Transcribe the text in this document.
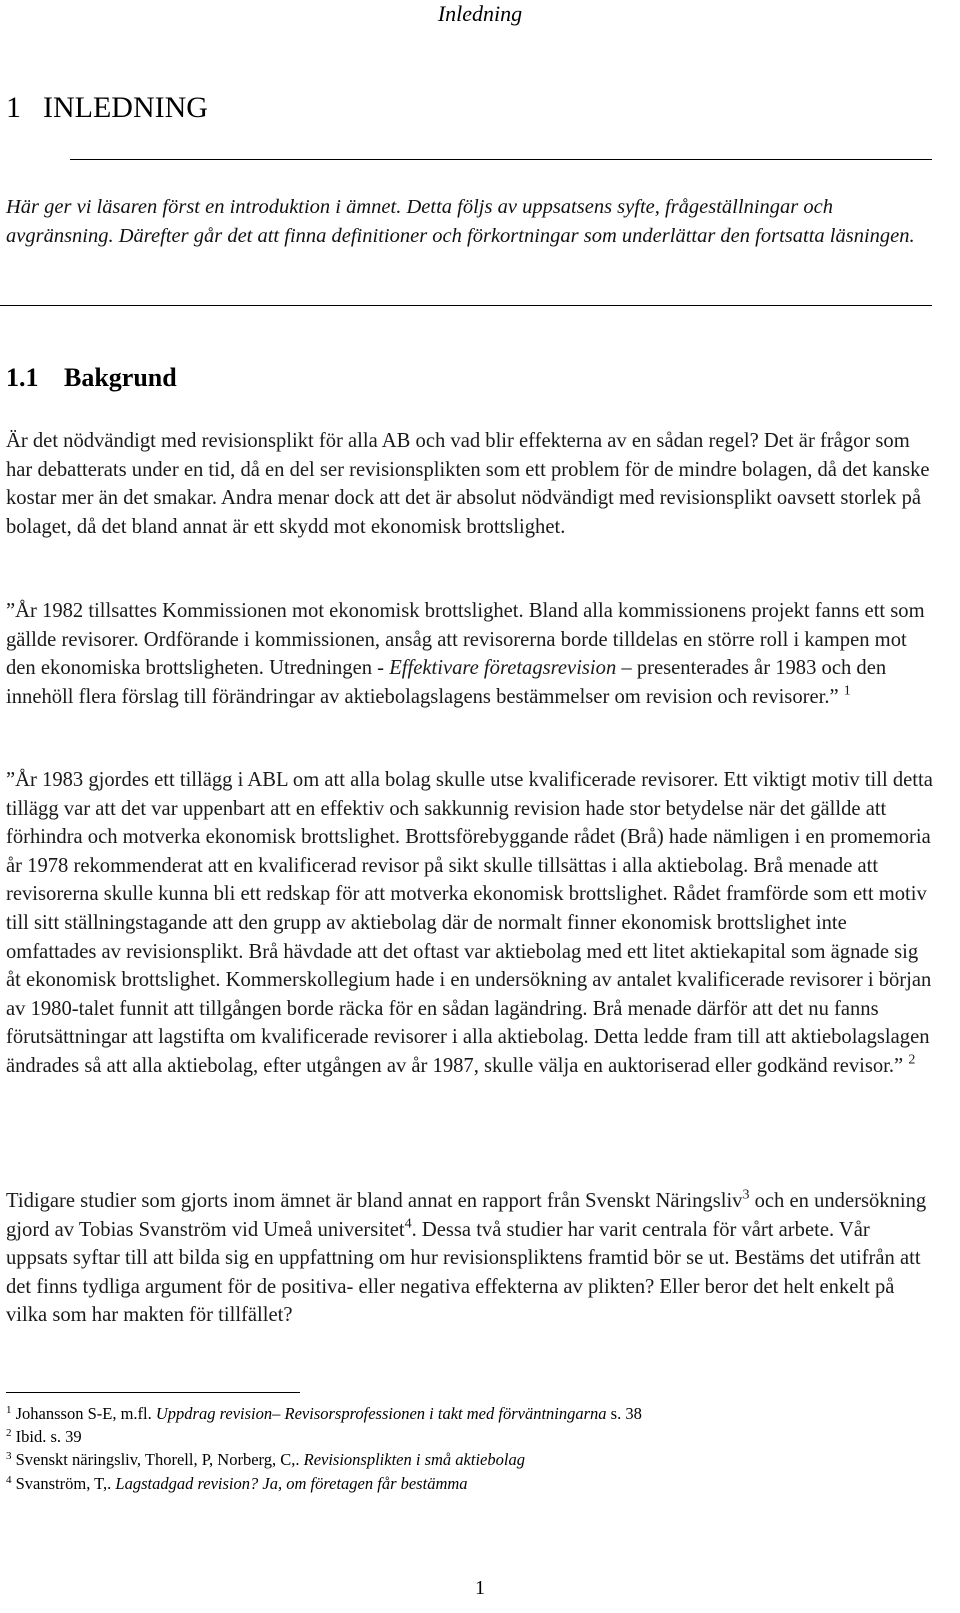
Inledning
1 INLEDNING
Här ger vi läsaren först en introduktion i ämnet. Detta följs av uppsatsens syfte, frågeställningar och avgränsning. Därefter går det att finna definitioner och förkortningar som underlättar den fortsatta läsningen.
1.1 Bakgrund
Är det nödvändigt med revisionsplikt för alla AB och vad blir effekterna av en sådan regel? Det är frågor som har debatterats under en tid, då en del ser revisionsplikten som ett problem för de mindre bolagen, då det kanske kostar mer än det smakar. Andra menar dock att det är absolut nödvändigt med revisionsplikt oavsett storlek på bolaget, då det bland annat är ett skydd mot ekonomisk brottslighet.
”År 1982 tillsattes Kommissionen mot ekonomisk brottslighet. Bland alla kommissionens projekt fanns ett som gällde revisorer. Ordförande i kommissionen, ansåg att revisorerna borde tilldelas en större roll i kampen mot den ekonomiska brottsligheten. Utredningen - Effektivare företagsrevision – presenterades år 1983 och den innehöll flera förslag till förändringar av aktiebolagslagens bestämmelser om revision och revisorer.” $^1$
”År 1983 gjordes ett tillägg i ABL om att alla bolag skulle utse kvalificerade revisorer. Ett viktigt motiv till detta tillägg var att det var uppenbart att en effektiv och sakkunnig revision hade stor betydelse när det gällde att förhindra och motverka ekonomisk brottslighet. Brottsförebyggande rådet (Brå) hade nämligen i en promemoria år 1978 rekommenderat att en kvalificerad revisor på sikt skulle tillsättas i alla aktiebolag. Brå menade att revisorerna skulle kunna bli ett redskap för att motverka ekonomisk brottslighet. Rådet framförde som ett motiv till sitt ställningstagande att den grupp av aktiebolag där de normalt finner ekonomisk brottslighet inte omfattades av revisionsplikt. Brå hävdade att det oftast var aktiebolag med ett litet aktiekapital som ägnade sig åt ekonomisk brottslighet. Kommerskollegium hade i en undersökning av antalet kvalificerade revisorer i början av 1980-talet funnit att tillgången borde räcka för en sådan lagändring. Brå menade därför att det nu fanns förutsättningar att lagstifta om kvalificerade revisorer i alla aktiebolag. Detta ledde fram till att aktiebolagslagen ändrades så att alla aktiebolag, efter utgången av år 1987, skulle välja en auktoriserad eller godkänd revisor.” $^2$
Tidigare studier som gjorts inom ämnet är bland annat en rapport från Svenskt Näringsliv$^3$ och en undersökning gjord av Tobias Svanström vid Umeå universitet$^4$. Dessa två studier har varit centrala för vårt arbete. Vår uppsats syftar till att bilda sig en uppfattning om hur revisionspliktens framtid bör se ut. Bestäms det utifrån att det finns tydliga argument för de positiva- eller negativa effekterna av plikten? Eller beror det helt enkelt på vilka som har makten för tillfället?
$^1$ Johansson S-E, m.fl. Uppdrag revision– Revisorsprofessionen i takt med förväntningarna s. 38
$^2$ Ibid. s. 39
$^3$ Svenskt näringsliv, Thorell, P, Norberg, C,. Revisionsplikten i små aktiebolag
$^4$ Svanström, T,. Lagstadgad revision? Ja, om företagen får bestämma
1
